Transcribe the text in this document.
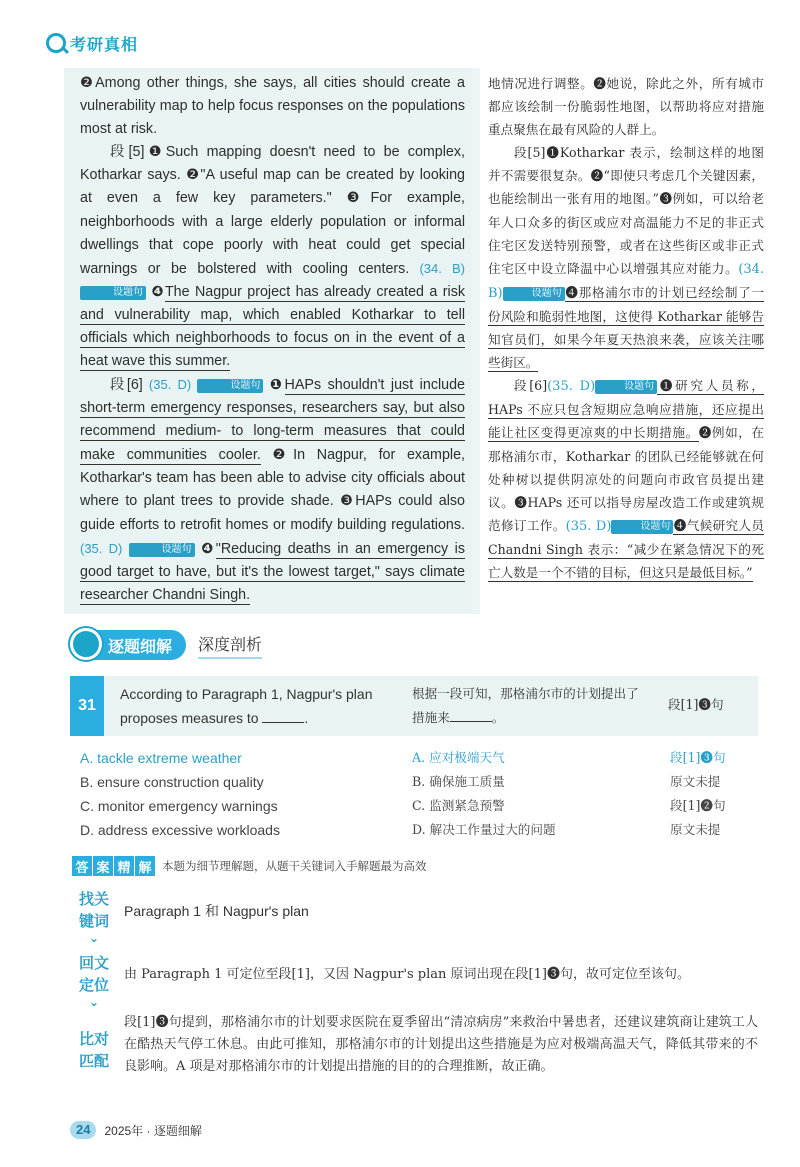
考研真相

❷Among other things, she says, all cities should create a vulnerability map to help focus responses on the populations most at risk.

段[5]❶Such mapping doesn't need to be complex, Kotharkar says. ❷"A useful map can be created by looking at even a few key parameters." ❸For example, neighborhoods with a large elderly population or informal dwellings that cope poorly with heat could get special warnings or be bolstered with cooling centers. (34. B) 设题句 ❹The Nagpur project has already created a risk and vulnerability map, which enabled Kotharkar to tell officials which neighborhoods to focus on in the event of a heat wave this summer.

段[6] (35. D)	设题句 ❶HAPs shouldn't just include short-term emergency responses, researchers say, but also recommend medium- to long-term measures that could make communities cooler. ❷In Nagpur, for example, Kotharkar's team has been able to advise city officials about where to plant trees to provide shade. ❸HAPs could also guide efforts to retrofit homes or modify building regulations. (35. D)	设题句 ❹"Reducing deaths in an emergency is good target to have, but it's the lowest target," says climate researcher Chandni Singh.

地情况进行调整。❷她说，除此之外，所有城市都应该绘制一份脆弱性地图，以帮助将应对措施重点聚焦在最有风险的人群上。

段[5]❶Kotharkar 表示，绘制这样的地图并不需要很复杂。❷“即使只考虑几个关键因素，也能绘制出一张有用的地图。”❸例如，可以给老年人口众多的街区或应对高温能力不足的非正式住宅区发送特别预警，或者在这些街区或非正式住宅区中设立降温中心以增强其应对能力。(34. B)	设题句 ❹那格浦尔市的计划已经绘制了一份风险和脆弱性地图，这使得 Kotharkar 能够告知官员们，如果今年夏天热浪来袭，应该关注哪些街区。

段[6](35. D)	设题句 ❶研究人员称，HAPs 不应只包含短期应急响应措施，还应提出能让社区变得更凉爽的中长期措施。❷例如，在那格浦尔市，Kotharkar 的团队已经能够就在何处种树以提供阴凉处的问题向市政官员提出建议。❸HAPs 还可以指导房屋改造工作或建筑规范修订工作。(35. D)	设题句 ❹气候研究人员 Chandni Singh 表示：“减少在紧急情况下的死亡人数是一个不错的目标，但这只是最低目标。”

逐题细解 深度剖析
31
According to Paragraph 1, Nagpur's plan proposes measures to	.
根据一段可知，那格浦尔市的计划提出了措施来	。
段[1]❸句
A. tackle extreme weather	A. 应对极端天气	段[1]❸句
B. ensure construction quality	B. 确保施工质量	原文未提
C. monitor emergency warnings	C. 监测紧急预警	段[1]❷句
D. address excessive workloads	D. 解决工作量过大的问题	原文未提
答 案 精 解 本题为细节理解题，从题干关键词入手解题最为高效
找关
键词
⌄
Paragraph 1 和 Nagpur's plan
回文
定位
⌄
由 Paragraph 1 可定位至段[1]，又因 Nagpur's plan 原词出现在段[1]❸句，故可定位至该句。
比对
匹配
段[1]❸句提到，那格浦尔市的计划要求医院在夏季留出“清凉病房”来救治中暑患者，还建议建筑商让建筑工人在酷热天气停工休息。由此可推知，那格浦尔市的计划提出这些措施是为应对极端高温天气，降低其带来的不良影响。A 项是对那格浦尔市的计划提出措施的目的的合理推断，故正确。
24	2025年 · 逐题细解
